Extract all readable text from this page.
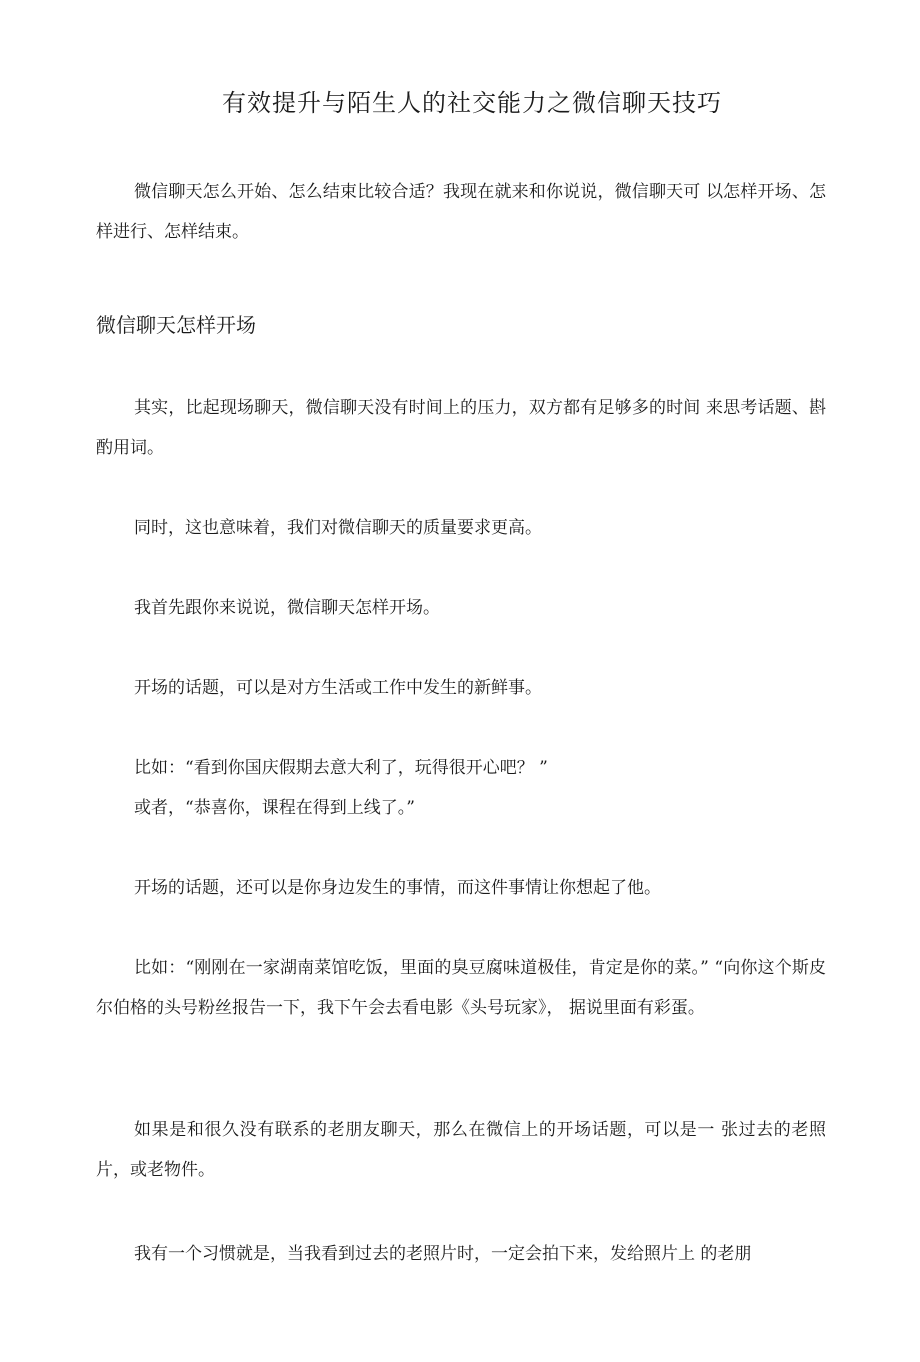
有效提升与陌生人的社交能力之微信聊天技巧

微信聊天怎么开始、怎么结束比较合适？我现在就来和你说说，微信聊天可 以怎样开场、怎样进行、怎样结束。

微信聊天怎样开场

其实，比起现场聊天，微信聊天没有时间上的压力，双方都有足够多的时间 来思考话题、斟酌用词。

同时，这也意味着，我们对微信聊天的质量要求更高。

我首先跟你来说说，微信聊天怎样开场。

开场的话题，可以是对方生活或工作中发生的新鲜事。

比如：“看到你国庆假期去意大利了，玩得很开心吧？ ”
或者，“恭喜你，课程在得到上线了。”

开场的话题，还可以是你身边发生的事情，而这件事情让你想起了他。

比如：“刚刚在一家湖南菜馆吃饭，里面的臭豆腐味道极佳，肯定是你的菜。” “向你这个斯皮尔伯格的头号粉丝报告一下，我下午会去看电影《头号玩家》， 据说里面有彩蛋。

如果是和很久没有联系的老朋友聊天，那么在微信上的开场话题，可以是一 张过去的老照片，或老物件。

我有一个习惯就是，当我看到过去的老照片时，一定会拍下来，发给照片上 的老朋
